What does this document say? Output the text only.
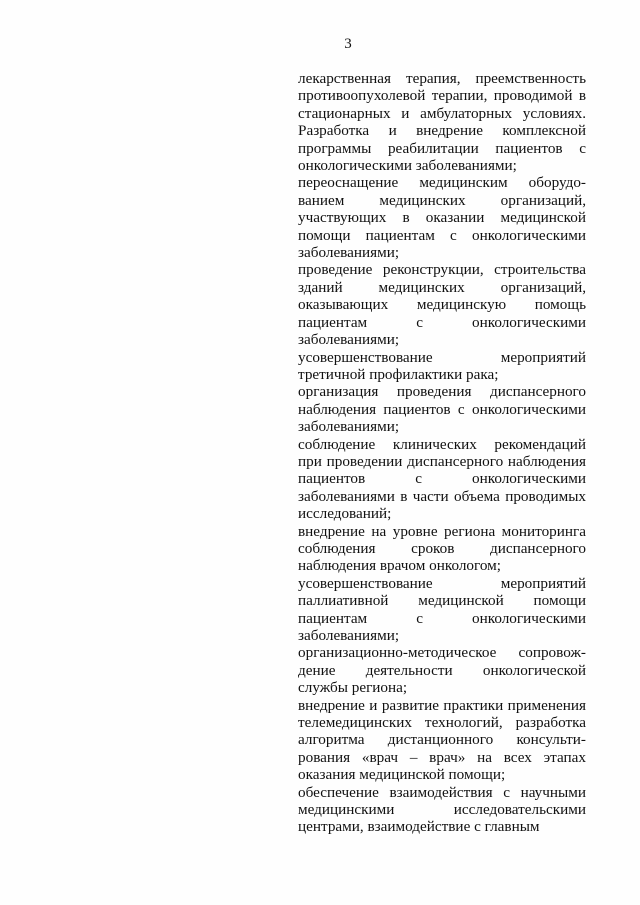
3

лекарственная терапия, преемственность противоопухолевой терапии, проводимой в стационарных и амбулаторных условиях. Разработка и внедрение комплексной программы реабилитации пациентов с онкологическими заболеваниями;

переоснащение медицинским оборудо-ванием медицинских организаций, участвующих в оказании медицинской помощи пациентам с онкологическими заболеваниями;

проведение реконструкции, строительства зданий медицинских организаций, оказывающих медицинскую помощь пациентам с онкологическими заболеваниями;

усовершенствование мероприятий третичной профилактики рака;

организация проведения диспансерного наблюдения пациентов с онкологическими заболеваниями;

соблюдение клинических рекомендаций при проведении диспансерного наблюдения пациентов с онкологическими заболеваниями в части объема проводимых исследований;

внедрение на уровне региона мониторинга соблюдения сроков диспансерного наблюдения врачом онкологом;

усовершенствование мероприятий паллиативной медицинской помощи пациентам с онкологическими заболеваниями;

организационно-методическое сопровож-дение деятельности онкологической службы региона;

внедрение и развитие практики применения телемедицинских технологий, разработка алгоритма дистанционного консульти-рования «врач – врач» на всех этапах оказания медицинской помощи;

обеспечение взаимодействия с научными медицинскими исследовательскими центрами, взаимодействие с главным
